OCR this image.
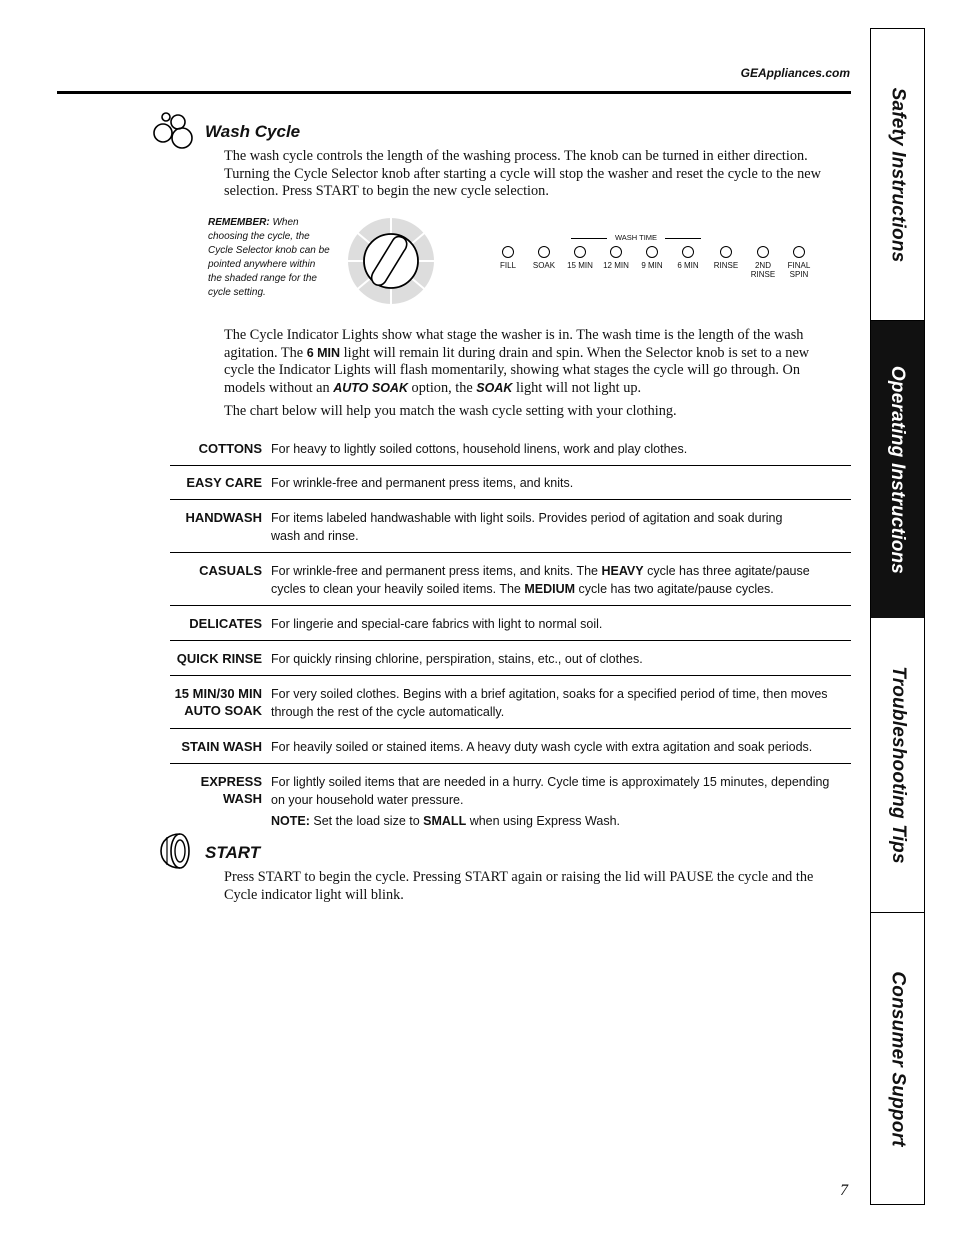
GEAppliances.com
Safety Instructions
Operating Instructions
Troubleshooting Tips
Consumer Support
Wash Cycle
The wash cycle controls the length of the washing process. The knob can be turned in either direction. Turning the Cycle Selector knob after starting a cycle will stop the washer and reset the cycle to the new selection. Press START to begin the new cycle selection.
REMEMBER: When choosing the cycle, the Cycle Selector knob can be pointed anywhere within the shaded range for the cycle setting.
WASH TIME
FILL	SOAK	15 MIN	12 MIN	9 MIN	6 MIN	RINSE	2ND
RINSE
FINAL
SPIN
The Cycle Indicator Lights show what stage the washer is in. The wash time is the length of the wash agitation. The 6 MIN light will remain lit during drain and spin. When the Selector knob is set to a new cycle the Indicator Lights will flash momentarily, showing what stages the cycle will go through. On models without an AUTO SOAK option, the SOAK light will not light up.
The chart below will help you match the wash cycle setting with your clothing.
COTTONS For heavy to lightly soiled cottons, household linens, work and play clothes.
EASY CARE For wrinkle-free and permanent press items, and knits.
HANDWASH For items labeled handwashable with light soils. Provides period of agitation and soak during
wash and rinse.
CASUALS For wrinkle-free and permanent press items, and knits. The HEAVY cycle has three agitate/pause cycles to clean your heavily soiled items. The MEDIUM cycle has two agitate/pause cycles.
DELICATES For lingerie and special-care fabrics with light to normal soil.
QUICK RINSE For quickly rinsing chlorine, perspiration, stains, etc., out of clothes.
15 MIN/30 MIN
AUTO SOAK
For very soiled clothes. Begins with a brief agitation, soaks for a specified period of time, then moves
through the rest of the cycle automatically.
STAIN WASH For heavily soiled or stained items. A heavy duty wash cycle with extra agitation and soak periods.
EXPRESS WASH
For lightly soiled items that are needed in a hurry. Cycle time is approximately 15 minutes, depending
on your household water pressure.
NOTE: Set the load size to SMALL when using Express Wash.
START
Press START to begin the cycle. Pressing START again or raising the lid will PAUSE the cycle and the Cycle indicator light will blink.
7
